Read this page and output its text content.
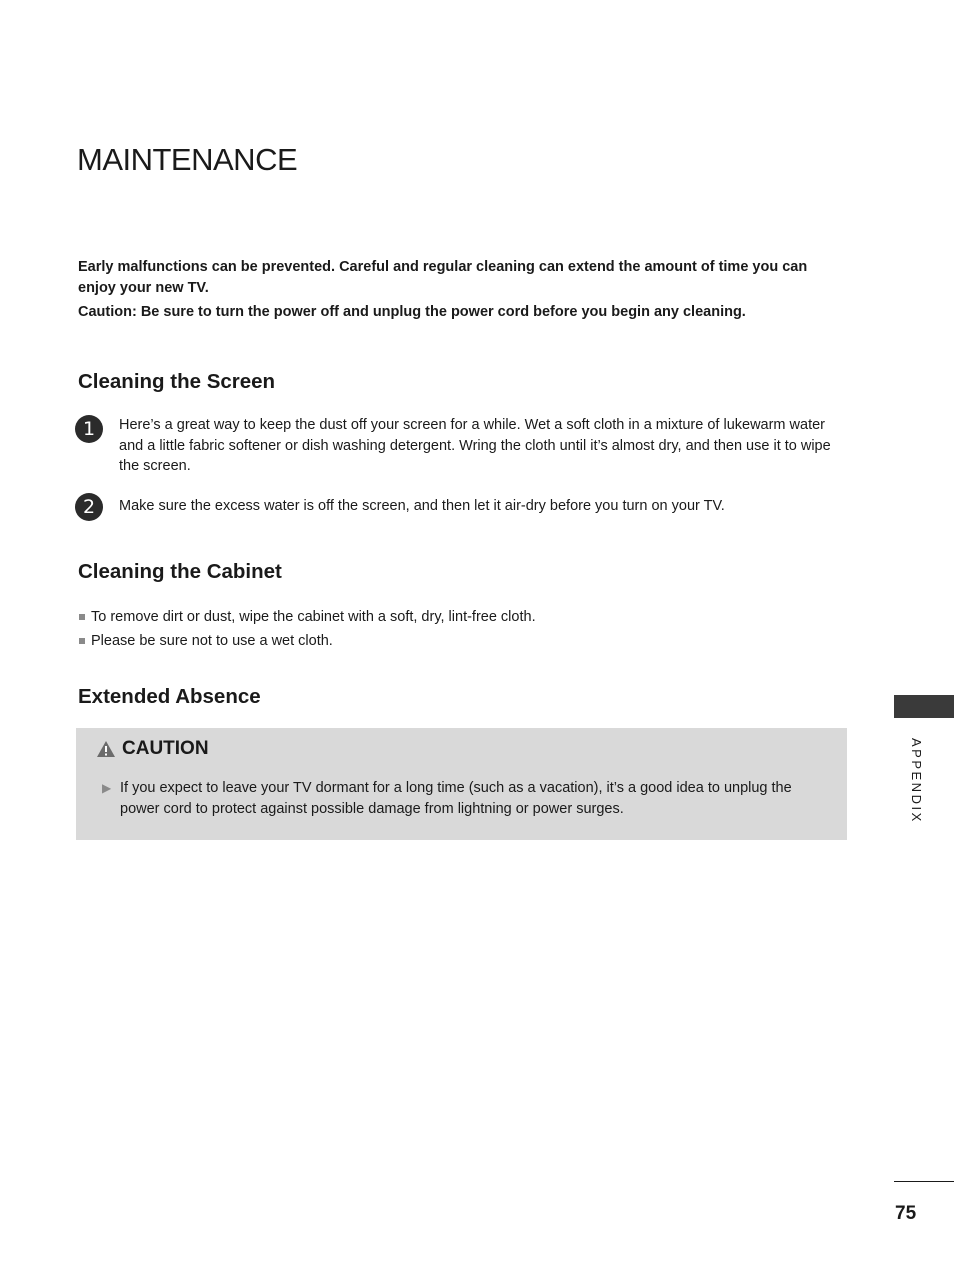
MAINTENANCE

Early malfunctions can be prevented. Careful and regular cleaning can extend the amount of time you can enjoy your new TV.

Caution: Be sure to turn the power off and unplug the power cord before you begin any cleaning.

Cleaning the Screen
1	Here’s a great way to keep the dust off your screen for a while. Wet a soft cloth in a mixture of lukewarm water and a little fabric softener or dish washing detergent. Wring the cloth until it’s almost dry, and then use it to wipe the screen.
2	Make sure the excess water is off the screen, and then let it air-dry before you turn on your TV.
Cleaning the Cabinet
To remove dirt or dust, wipe the cabinet with a soft, dry, lint-free cloth.
Please be sure not to use a wet cloth.
Extended Absence
CAUTION
▶ If you expect to leave your TV dormant for a long time (such as a vacation), it’s a good idea to unplug the power cord to protect against possible damage from lightning or power surges.	APPENDIX
75
